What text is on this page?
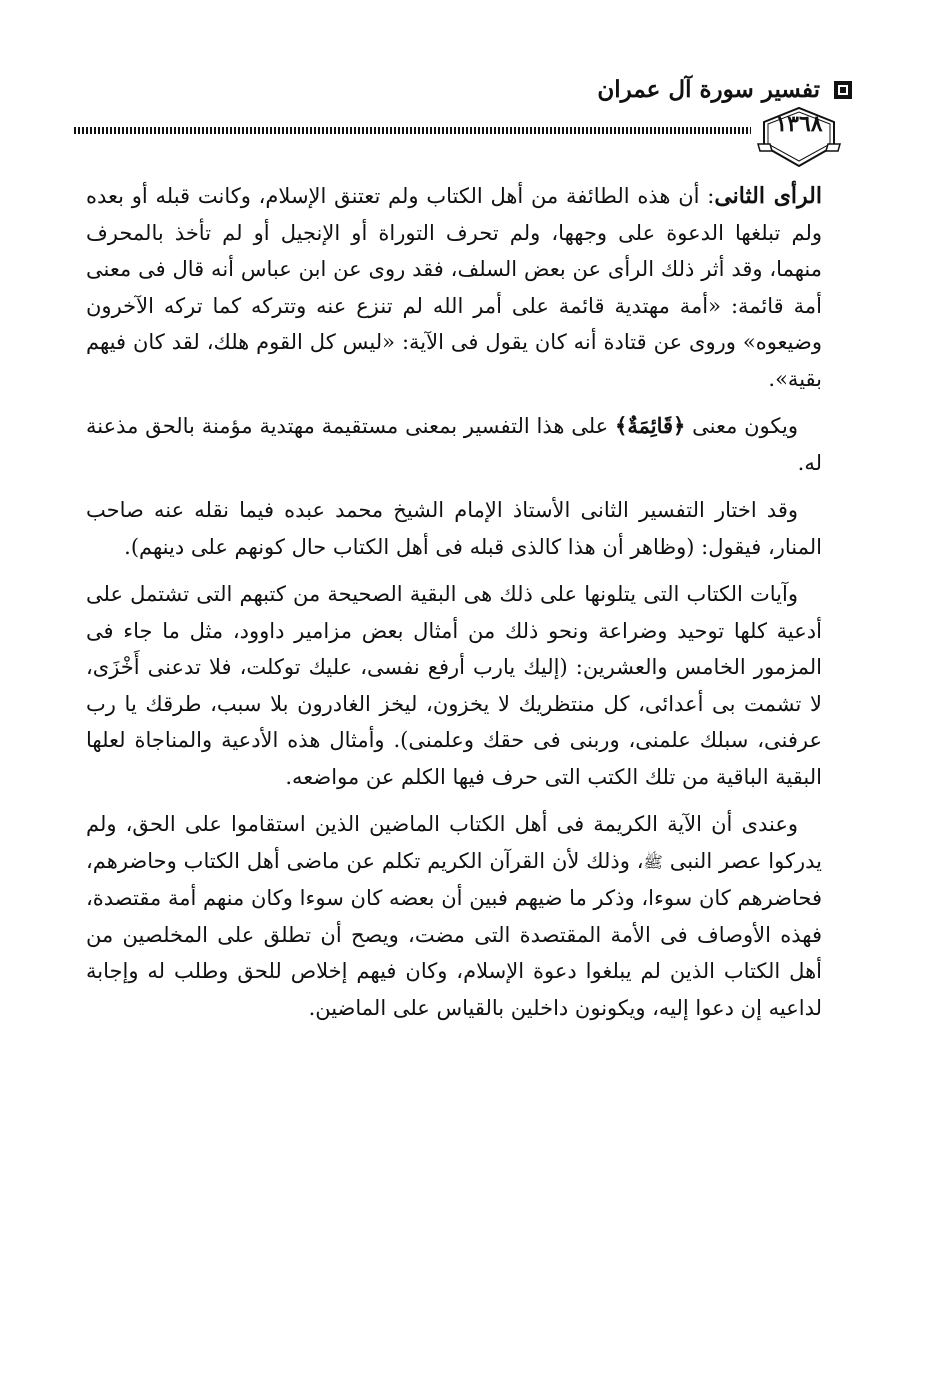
تفسير سورة آل عمران
١٣٦٨

الرأى الثانى: أن هذه الطائفة من أهل الكتاب ولم تعتنق الإسلام، وكانت قبله أو بعده ولم تبلغها الدعوة على وجهها، ولم تحرف التوراة أو الإنجيل أو لم تأخذ بالمحرف منهما، وقد أثر ذلك الرأى عن بعض السلف، فقد روى عن ابن عباس أنه قال فى معنى أمة قائمة: «أمة مهتدية قائمة على أمر الله لم تنزع عنه وتتركه كما تركه الآخرون وضيعوه» وروى عن قتادة أنه كان يقول فى الآية: «ليس كل القوم هلك، لقد كان فيهم بقية».

ويكون معنى ﴿قَائِمَةٌ﴾ على هذا التفسير بمعنى مستقيمة مهتدية مؤمنة بالحق مذعنة له.

وقد اختار التفسير الثانى الأستاذ الإمام الشيخ محمد عبده فيما نقله عنه صاحب المنار، فيقول: (وظاهر أن هذا كالذى قبله فى أهل الكتاب حال كونهم على دينهم).

وآيات الكتاب التى يتلونها على ذلك هى البقية الصحيحة من كتبهم التى تشتمل على أدعية كلها توحيد وضراعة ونحو ذلك من أمثال بعض مزامير داوود، مثل ما جاء فى المزمور الخامس والعشرين: (إليك يارب أرفع نفسى، عليك توكلت، فلا تدعنى أَخْزَى، لا تشمت بى أعدائى، كل منتظريك لا يخزون، ليخز الغادرون بلا سبب، طرقك يا رب عرفنى، سبلك علمنى، وربنى فى حقك وعلمنى). وأمثال هذه الأدعية والمناجاة لعلها البقية الباقية من تلك الكتب التى حرف فيها الكلم عن مواضعه.

وعندى أن الآية الكريمة فى أهل الكتاب الماضين الذين استقاموا على الحق، ولم يدركوا عصر النبى ﷺ، وذلك لأن القرآن الكريم تكلم عن ماضى أهل الكتاب وحاضرهم، فحاضرهم كان سوءا، وذكر ما ضيهم فبين أن بعضه كان سوءا وكان منهم أمة مقتصدة، فهذه الأوصاف فى الأمة المقتصدة التى مضت، ويصح أن تطلق على المخلصين من أهل الكتاب الذين لم يبلغوا دعوة الإسلام، وكان فيهم إخلاص للحق وطلب له وإجابة لداعيه إن دعوا إليه، ويكونون داخلين بالقياس على الماضين.
